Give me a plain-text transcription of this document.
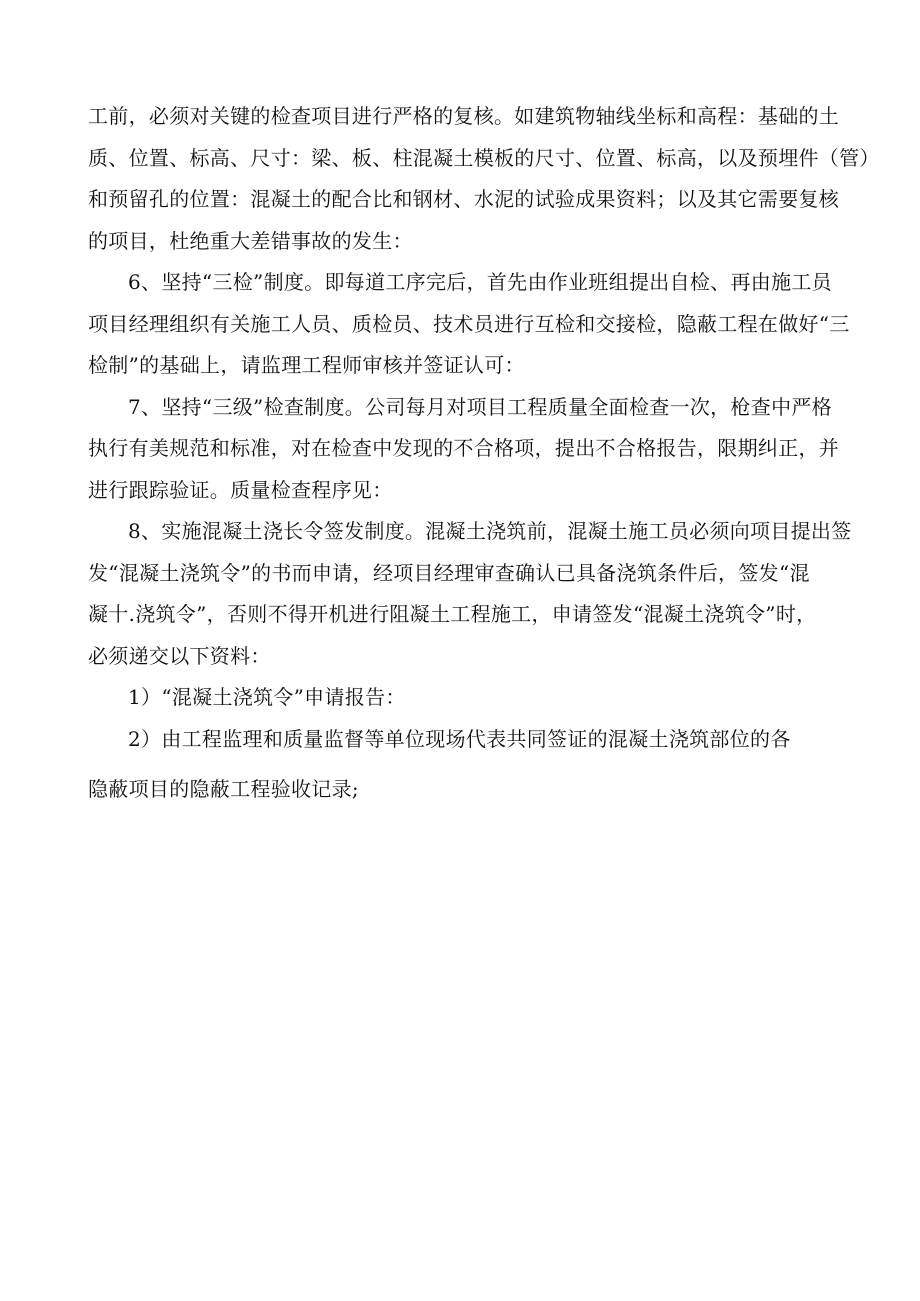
工前，必须对关键的检查项目进行严格的复核。如建筑物轴线坐标和高程：基础的土
质、位置、标高、尺寸：梁、板、柱混凝土模板的尺寸、位置、标高，以及预埋件（管）
和预留孔的位置：混凝土的配合比和钢材、水泥的试验成果资料；以及其它需要复核
的项目，杜绝重大差错事故的发生：
6、坚持“三检”制度。即每道工序完后，首先由作业班组提出自检、再由施工员
项目经理组织有关施工人员、质检员、技术员进行互检和交接检，隐蔽工程在做好“三
检制”的基础上，请监理工程师审核并签证认可：
7、坚持“三级”检查制度。公司每月对项目工程质量全面检查一次，枪查中严格
执行有美规范和标准，对在检查中发现的不合格项，提出不合格报告，限期纠正，并
进行跟踪验证。质量检查程序见：
8、实施混凝土浇长令签发制度。混凝土浇筑前，混凝土施工员必须向项目提出签
发“混凝土浇筑令”的书而申请，经项目经理审查确认已具备浇筑条件后，签发“混
凝十.浇筑令”，否则不得开机进行阻凝土工程施工，申请签发“混凝土浇筑令”时，
必须递交以下资料：
1）“混凝土浇筑令”申请报告：
2）由工程监理和质量监督等单位现场代表共同签证的混凝土浇筑部位的各
隐蔽项目的隐蔽工程验收记录;
